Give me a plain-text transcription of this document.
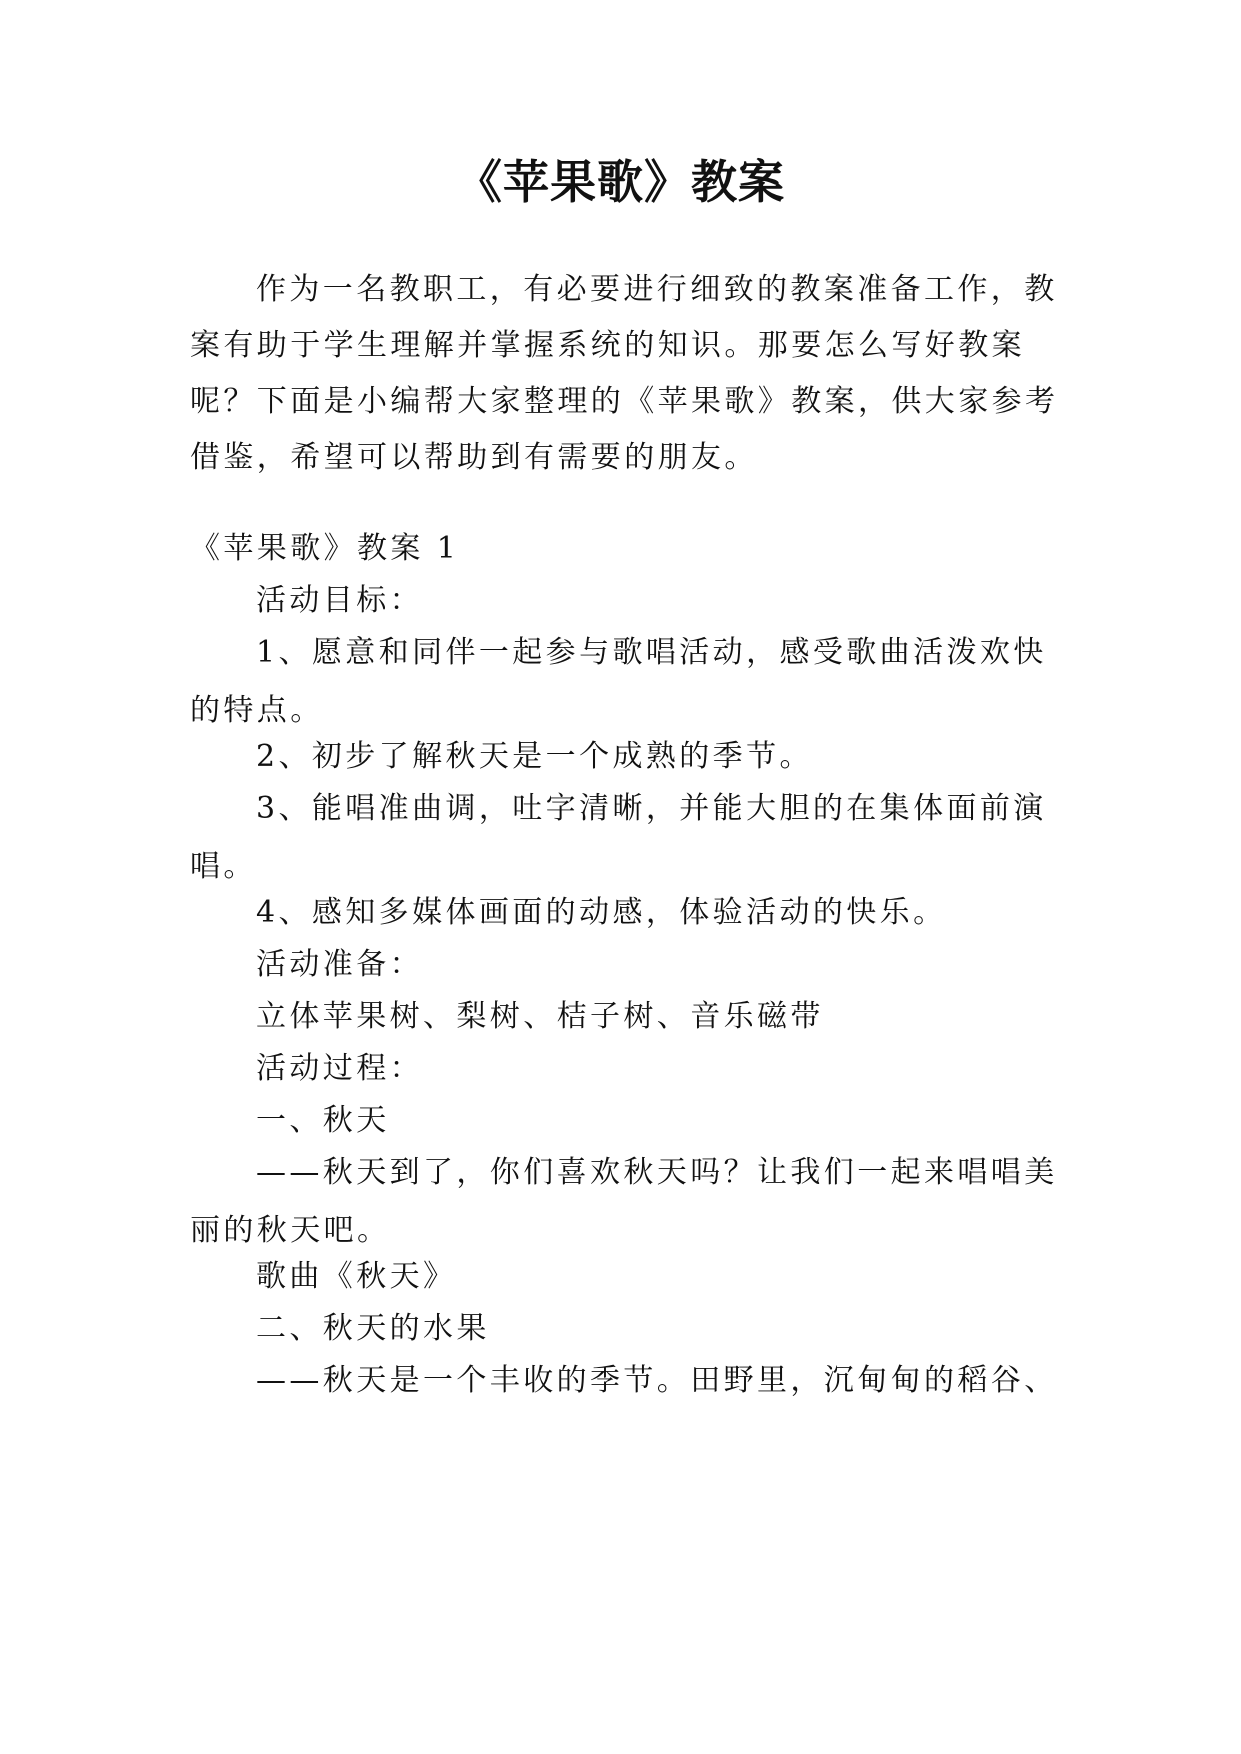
《苹果歌》教案

作为一名教职工，有必要进行细致的教案准备工作，教
案有助于学生理解并掌握系统的知识。那要怎么写好教案
呢？下面是小编帮大家整理的《苹果歌》教案，供大家参考
借鉴，希望可以帮助到有需要的朋友。

《苹果歌》教案 1

活动目标：

1、愿意和同伴一起参与歌唱活动，感受歌曲活泼欢快
的特点。

2、初步了解秋天是一个成熟的季节。

3、能唱准曲调，吐字清晰，并能大胆的在集体面前演
唱。

4、感知多媒体画面的动感，体验活动的快乐。

活动准备：

立体苹果树、梨树、桔子树、音乐磁带

活动过程：

一、秋天

——秋天到了，你们喜欢秋天吗？让我们一起来唱唱美
丽的秋天吧。

歌曲《秋天》

二、秋天的水果

——秋天是一个丰收的季节。田野里，沉甸甸的稻谷、
